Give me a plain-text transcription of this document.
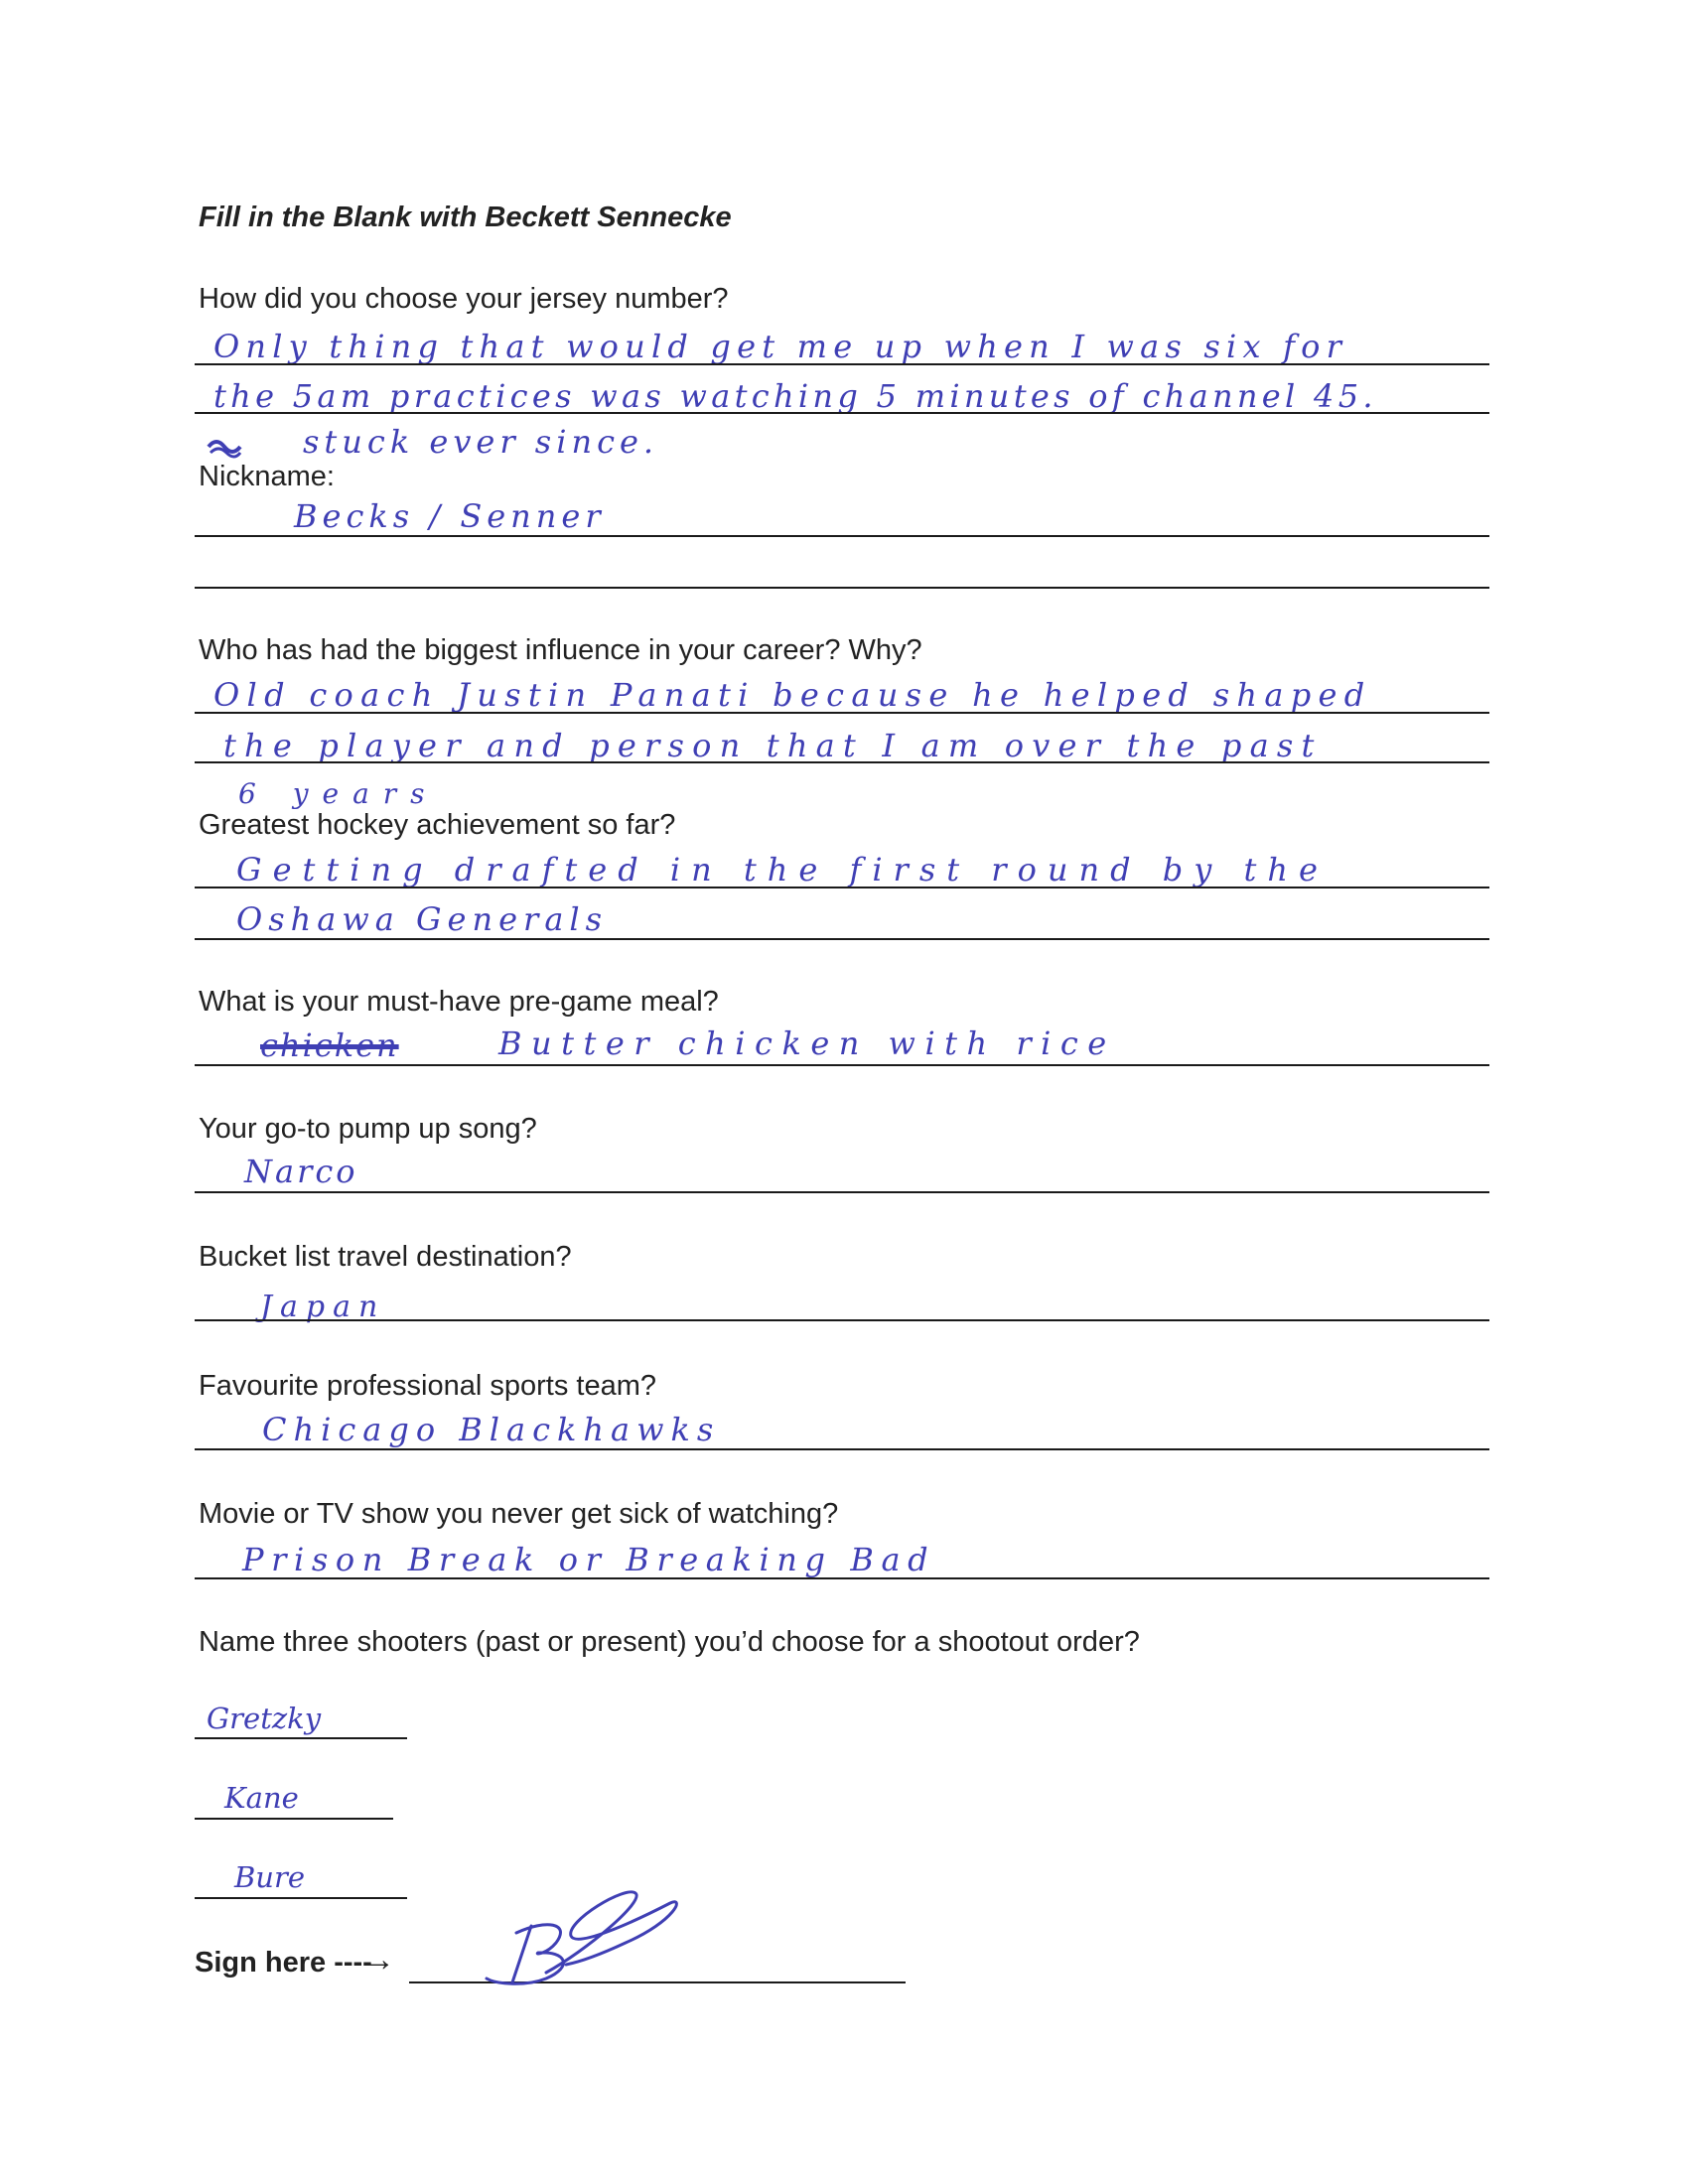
Fill in the Blank with Beckett Sennecke
How did you choose your jersey number?
Only thing that would get me up when I was six for
the 5am practices was watching 5 minutes of channel 45.
stuck ever since.
Nickname:
Becks / Senner
Who has had the biggest influence in your career? Why?
Old coach Justin Panati because he helped shaped
the player and person that I am over the past
6 years
Greatest hockey achievement so far?
Getting drafted in the first round by the
Oshawa Generals
What is your must-have pre-game meal?
chicken	Butter chicken with rice
Your go-to pump up song?
Narco
Bucket list travel destination?
Japan
Favourite professional sports team?
Chicago Blackhawks
Movie or TV show you never get sick of watching?
Prison Break or Breaking Bad
Name three shooters (past or present) you’d choose for a shootout order?
Gretzky
Kane
Bure
Sign here ----
→
